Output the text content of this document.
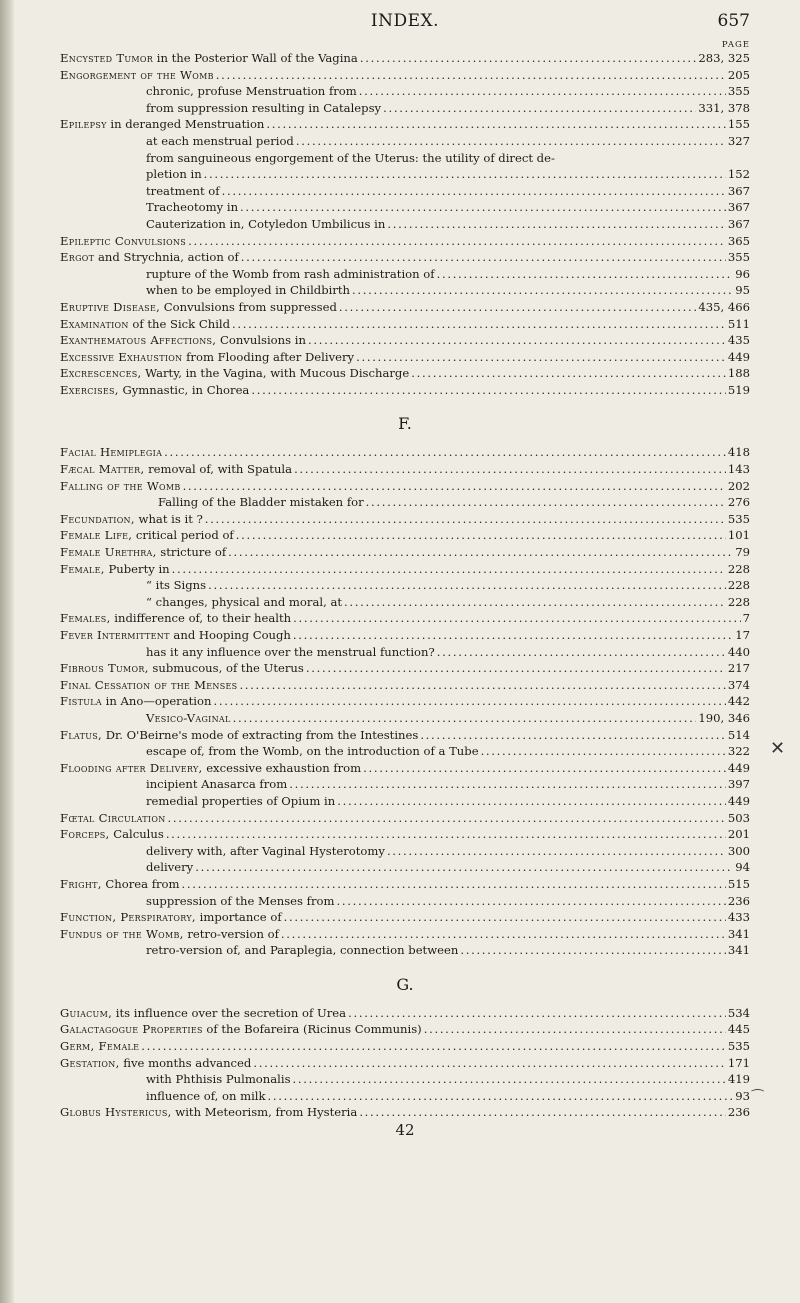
INDEX.	657
PAGE
Encysted Tumor in the Posterior Wall of the Vagina . . .	283, 325
Engorgement of the Womb . . .	205
chronic, profuse Menstruation from . . .	355
from suppression resulting in Catalepsy . . .	331, 378
Epilepsy in deranged Menstruation . . .	155
at each menstrual period . . .	327
from sanguineous engorgement of the Uterus: the utility of direct de-
pletion in . . .	152
treatment of . . .	367
Tracheotomy in . . .	367
Cauterization in, Cotyledon Umbilicus in . . .	367
Epileptic Convulsions . . .	365
Ergot and Strychnia, action of . . .	355
rupture of the Womb from rash administration of . . .	96
when to be employed in Childbirth . . .	95
Eruptive Disease, Convulsions from suppressed . . .	435, 466
Examination of the Sick Child . . .	511
Exanthematous Affections, Convulsions in . . .	435
Excessive Exhaustion from Flooding after Delivery . . .	449
Excrescences, Warty, in the Vagina, with Mucous Discharge . . .	188
Exercises, Gymnastic, in Chorea . . .	519
F.
Facial Hemiplegia . . .	418
Fæcal Matter, removal of, with Spatula . . .	143
Falling of the Womb . . .	202
Falling of the Bladder mistaken for . . .	276
Fecundation, what is it ? . . .	535
Female Life, critical period of . . .	101
Female Urethra, stricture of . . .	79
Female, Puberty in . . .	228
“ its Signs . . .	228
“ changes, physical and moral, at . . .	228
Females, indifference of, to their health . . .	7
Fever Intermittent and Hooping Cough . . .	17
has it any influence over the menstrual function? . . .	440
Fibrous Tumor, submucous, of the Uterus . . .	217
Final Cessation of the Menses . . .	374
Fistula in Ano—operation . . .	442
Vesico-Vaginal . . .	190, 346
Flatus, Dr. O'Beirne's mode of extracting from the Intestines . . .	514
escape of, from the Womb, on the introduction of a Tube . . .	322
Flooding after Delivery, excessive exhaustion from . . .	449
incipient Anasarca from . . .	397
remedial properties of Opium in . . .	449
Fœtal Circulation . . .	503
Forceps, Calculus . . .	201
delivery with, after Vaginal Hysterotomy . . .	300
delivery . . .	94
Fright, Chorea from . . .	515
suppression of the Menses from . . .	236
Function, Perspiratory, importance of . . .	433
Fundus of the Womb, retro-version of . . .	341
retro-version of, and Paraplegia, connection between . . .	341
G.
Guiacum, its influence over the secretion of Urea . . .	534
Galactagogue Properties of the Bofareira (Ricinus Communis) . . .	445
Germ, Female . . .	535
Gestation, five months advanced . . .	171
with Phthisis Pulmonalis . . .	419
influence of, on milk . . .	93
Globus Hystericus, with Meteorism, from Hysteria . . .	236
42
✕
⁀
